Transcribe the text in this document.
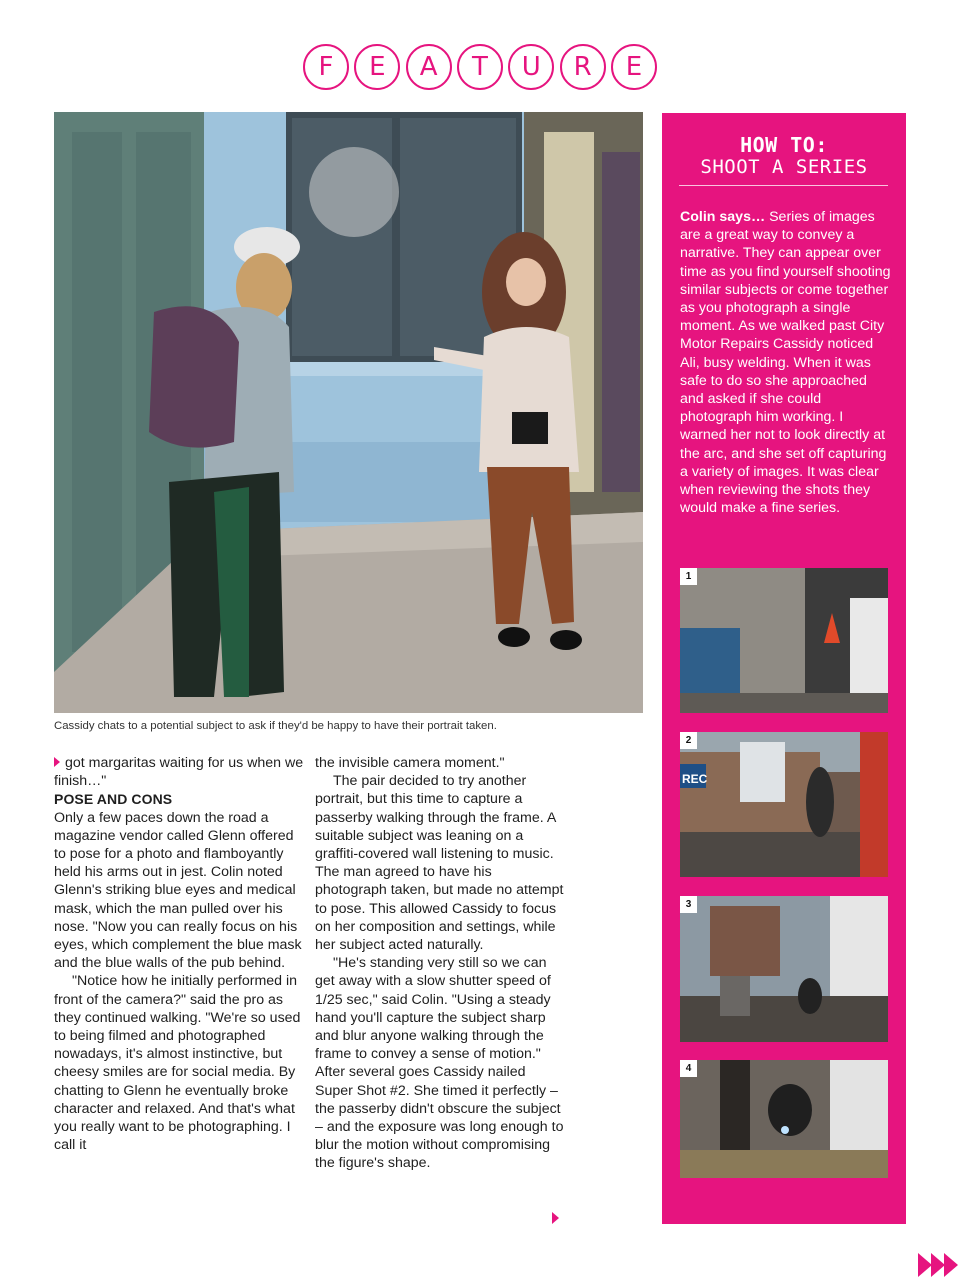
F	E	A	T	U	R	E
Cassidy chats to a potential subject to ask if they'd be happy to have their portrait taken.

got margaritas waiting for us when we finish…"

POSE AND CONS

Only a few paces down the road a magazine vendor called Glenn offered to pose for a photo and flamboyantly held his arms out in jest. Colin noted Glenn's striking blue eyes and medical mask, which the man pulled over his nose. "Now you can really focus on his eyes, which complement the blue mask and the blue walls of the pub behind.

"Notice how he initially performed in front of the camera?" said the pro as they continued walking. "We're so used to being filmed and photographed nowadays, it's almost instinctive, but cheesy smiles are for social media. By chatting to Glenn he eventually broke character and relaxed. And that's what you really want to be photographing. I call it

the invisible camera moment."

The pair decided to try another portrait, but this time to capture a passerby walking through the frame. A suitable subject was leaning on a graffiti-covered wall listening to music. The man agreed to have his photograph taken, but made no attempt to pose. This allowed Cassidy to focus on her composition and settings, while her subject acted naturally.

"He's standing very still so we can get away with a slow shutter speed of 1/25 sec," said Colin. "Using a steady hand you'll capture the subject sharp and blur anyone walking through the frame to convey a sense of motion." After several goes Cassidy nailed Super Shot #2. She timed it perfectly – the passerby didn't obscure the subject – and the exposure was long enough to blur the motion without compromising the figure's shape.

HOW TO:
SHOOT A SERIES
Colin says… Series of images are a great way to convey a narrative. They can appear over time as you find yourself shooting similar subjects or come together as you photograph a single moment. As we walked past City Motor Repairs Cassidy noticed Ali, busy welding. When it was safe to do so she approached and asked if she could photograph him working. I warned her not to look directly at the arc, and she set off capturing a variety of images. It was clear when reviewing the shots they would make a fine series.
1
2
REC
3
4
